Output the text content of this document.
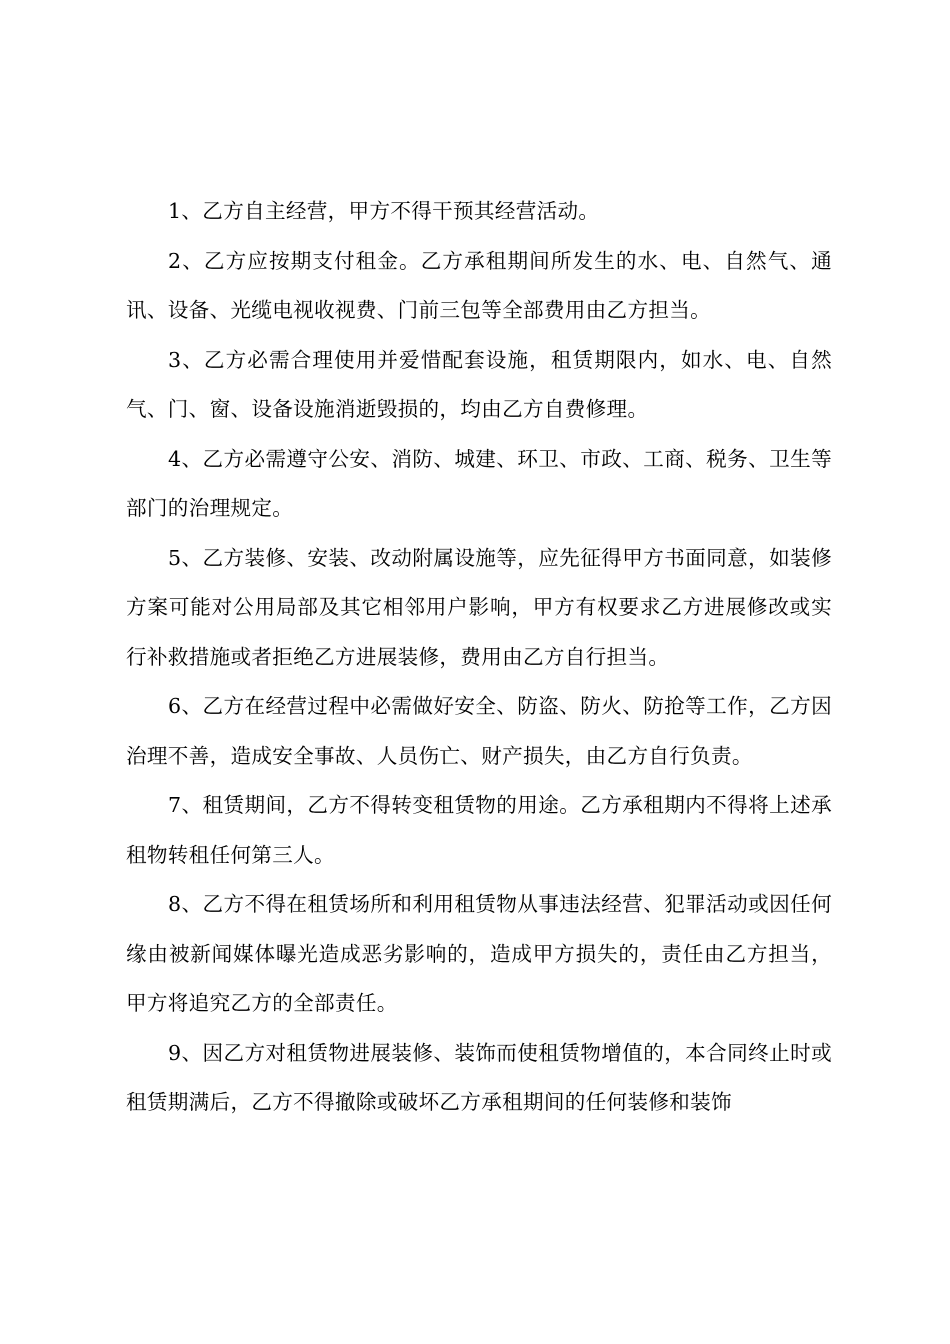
1、乙方自主经营，甲方不得干预其经营活动。

2、乙方应按期支付租金。乙方承租期间所发生的水、电、自然气、通讯、设备、光缆电视收视费、门前三包等全部费用由乙方担当。

3、乙方必需合理使用并爱惜配套设施，租赁期限内，如水、电、自然气、门、窗、设备设施消逝毁损的，均由乙方自费修理。

4、乙方必需遵守公安、消防、城建、环卫、市政、工商、税务、卫生等部门的治理规定。

5、乙方装修、安装、改动附属设施等，应先征得甲方书面同意，如装修方案可能对公用局部及其它相邻用户影响，甲方有权要求乙方进展修改或实行补救措施或者拒绝乙方进展装修，费用由乙方自行担当。

6、乙方在经营过程中必需做好安全、防盗、防火、防抢等工作，乙方因治理不善，造成安全事故、人员伤亡、财产损失，由乙方自行负责。

7、租赁期间，乙方不得转变租赁物的用途。乙方承租期内不得将上述承租物转租任何第三人。

8、乙方不得在租赁场所和利用租赁物从事违法经营、犯罪活动或因任何缘由被新闻媒体曝光造成恶劣影响的，造成甲方损失的，责任由乙方担当，甲方将追究乙方的全部责任。

9、因乙方对租赁物进展装修、装饰而使租赁物增值的，本合同终止时或租赁期满后，乙方不得撤除或破坏乙方承租期间的任何装修和装饰
